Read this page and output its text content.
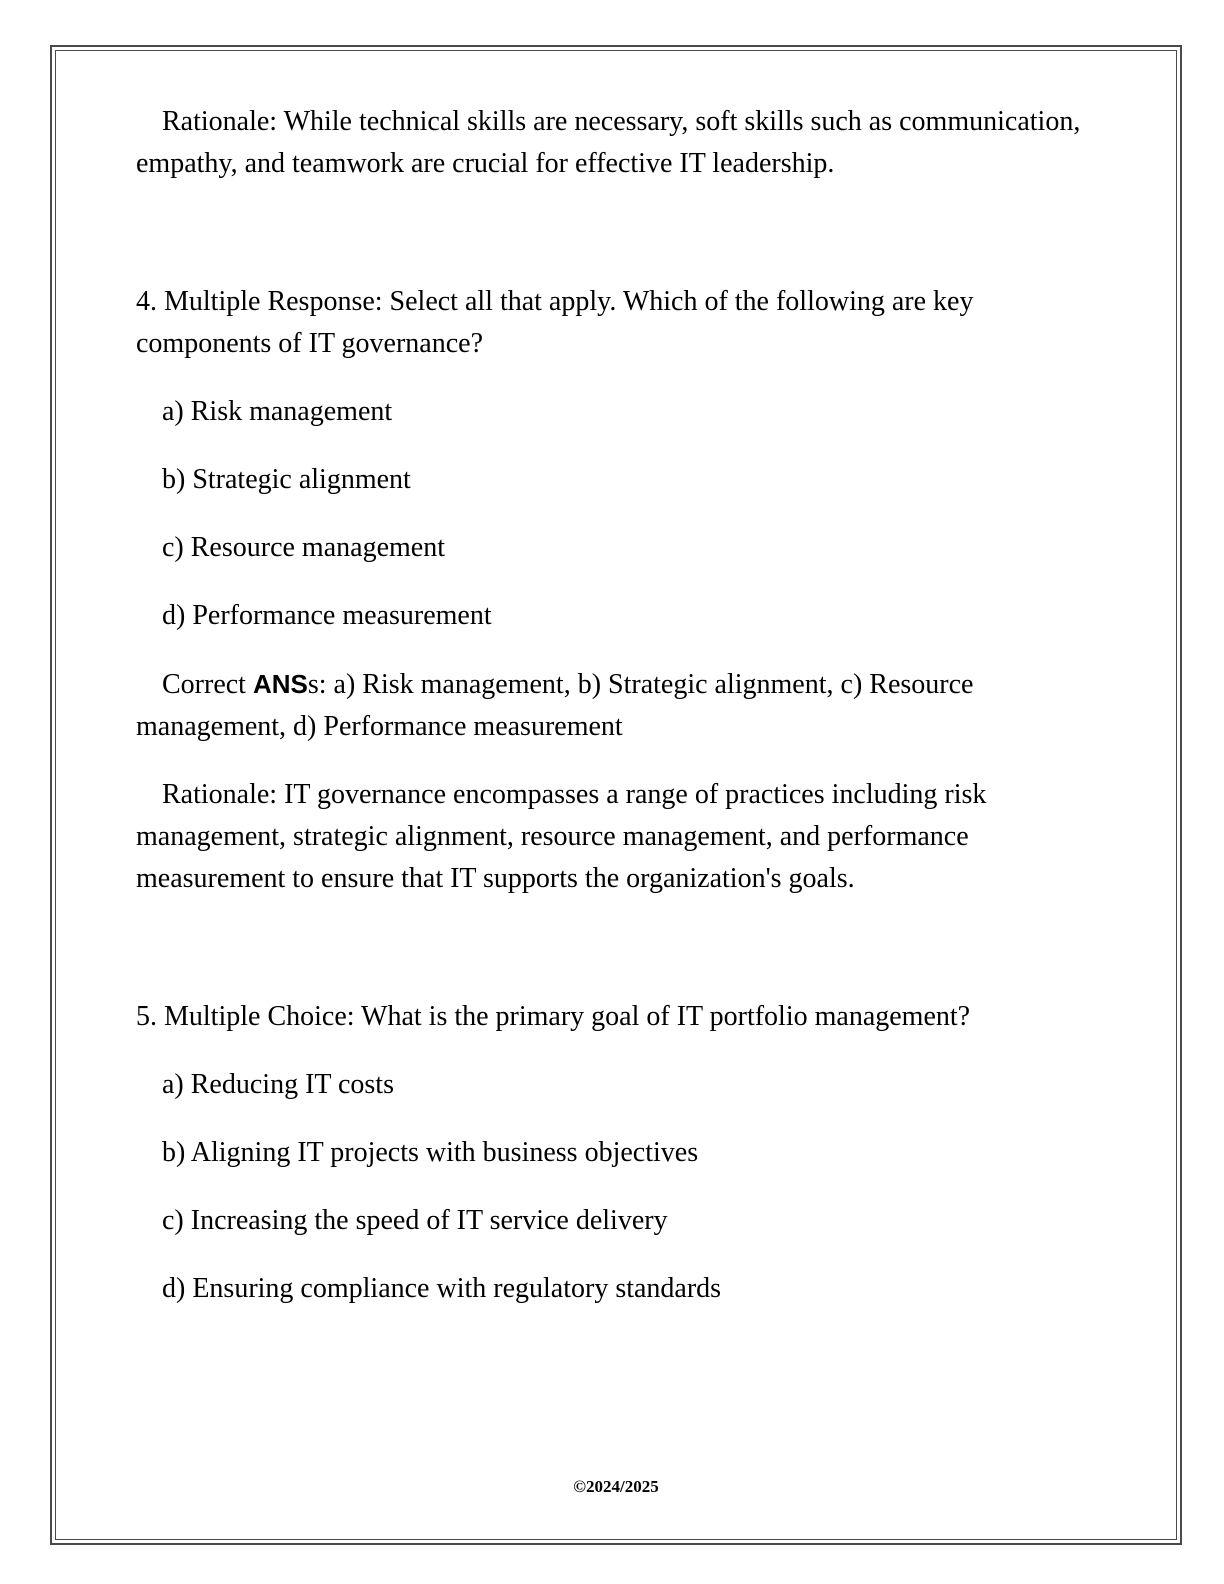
Rationale: While technical skills are necessary, soft skills such as communication, empathy, and teamwork are crucial for effective IT leadership.

4. Multiple Response: Select all that apply. Which of the following are key components of IT governance?

a) Risk management

b) Strategic alignment

c) Resource management

d) Performance measurement

Correct ANSs: a) Risk management, b) Strategic alignment, c) Resource management, d) Performance measurement

Rationale: IT governance encompasses a range of practices including risk management, strategic alignment, resource management, and performance measurement to ensure that IT supports the organization's goals.

5. Multiple Choice: What is the primary goal of IT portfolio management?

a) Reducing IT costs

b) Aligning IT projects with business objectives

c) Increasing the speed of IT service delivery

d) Ensuring compliance with regulatory standards

©2024/2025
